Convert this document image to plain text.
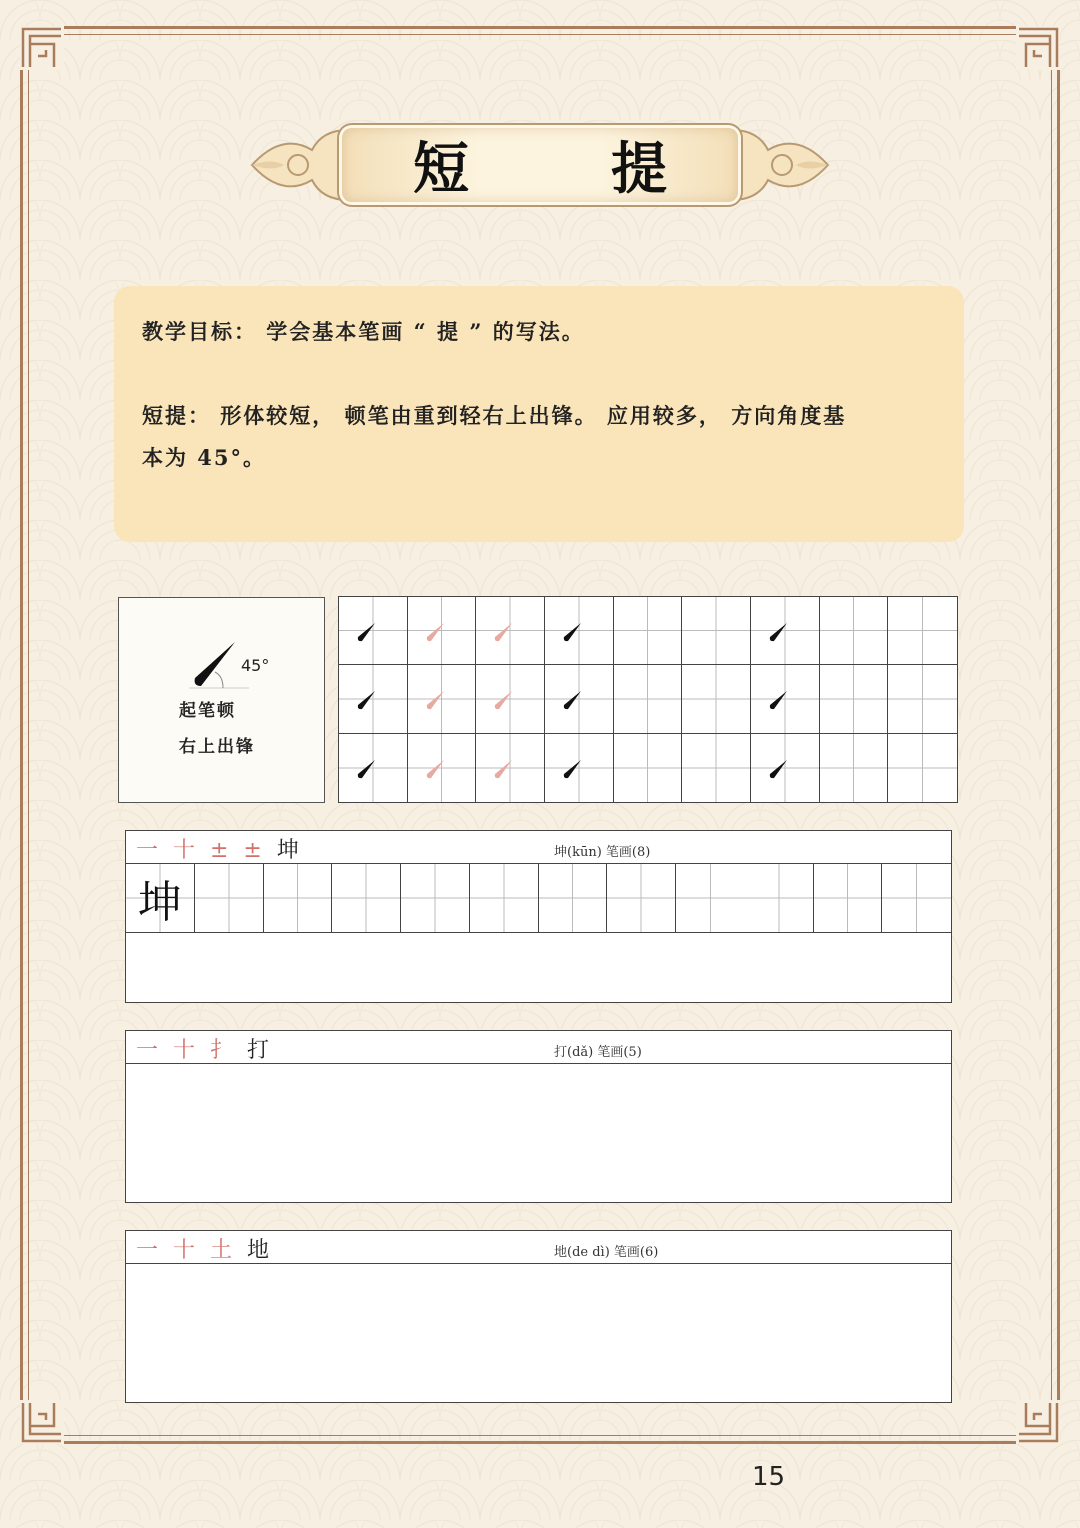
短	提
教学目标： 学会基本笔画 “ 提 ” 的写法。
短提： 形体较短， 顿笔由重到轻右上出锋。 应用较多， 方向角度基
本为 45°。
45°
起笔顿
右上出锋
一 十 ± ± 坤	坤(kūn) 笔画(8)
坤
一 十 扌 打	打(dǎ) 笔画(5)
一 十 土 地	地(de dì) 笔画(6)
15
